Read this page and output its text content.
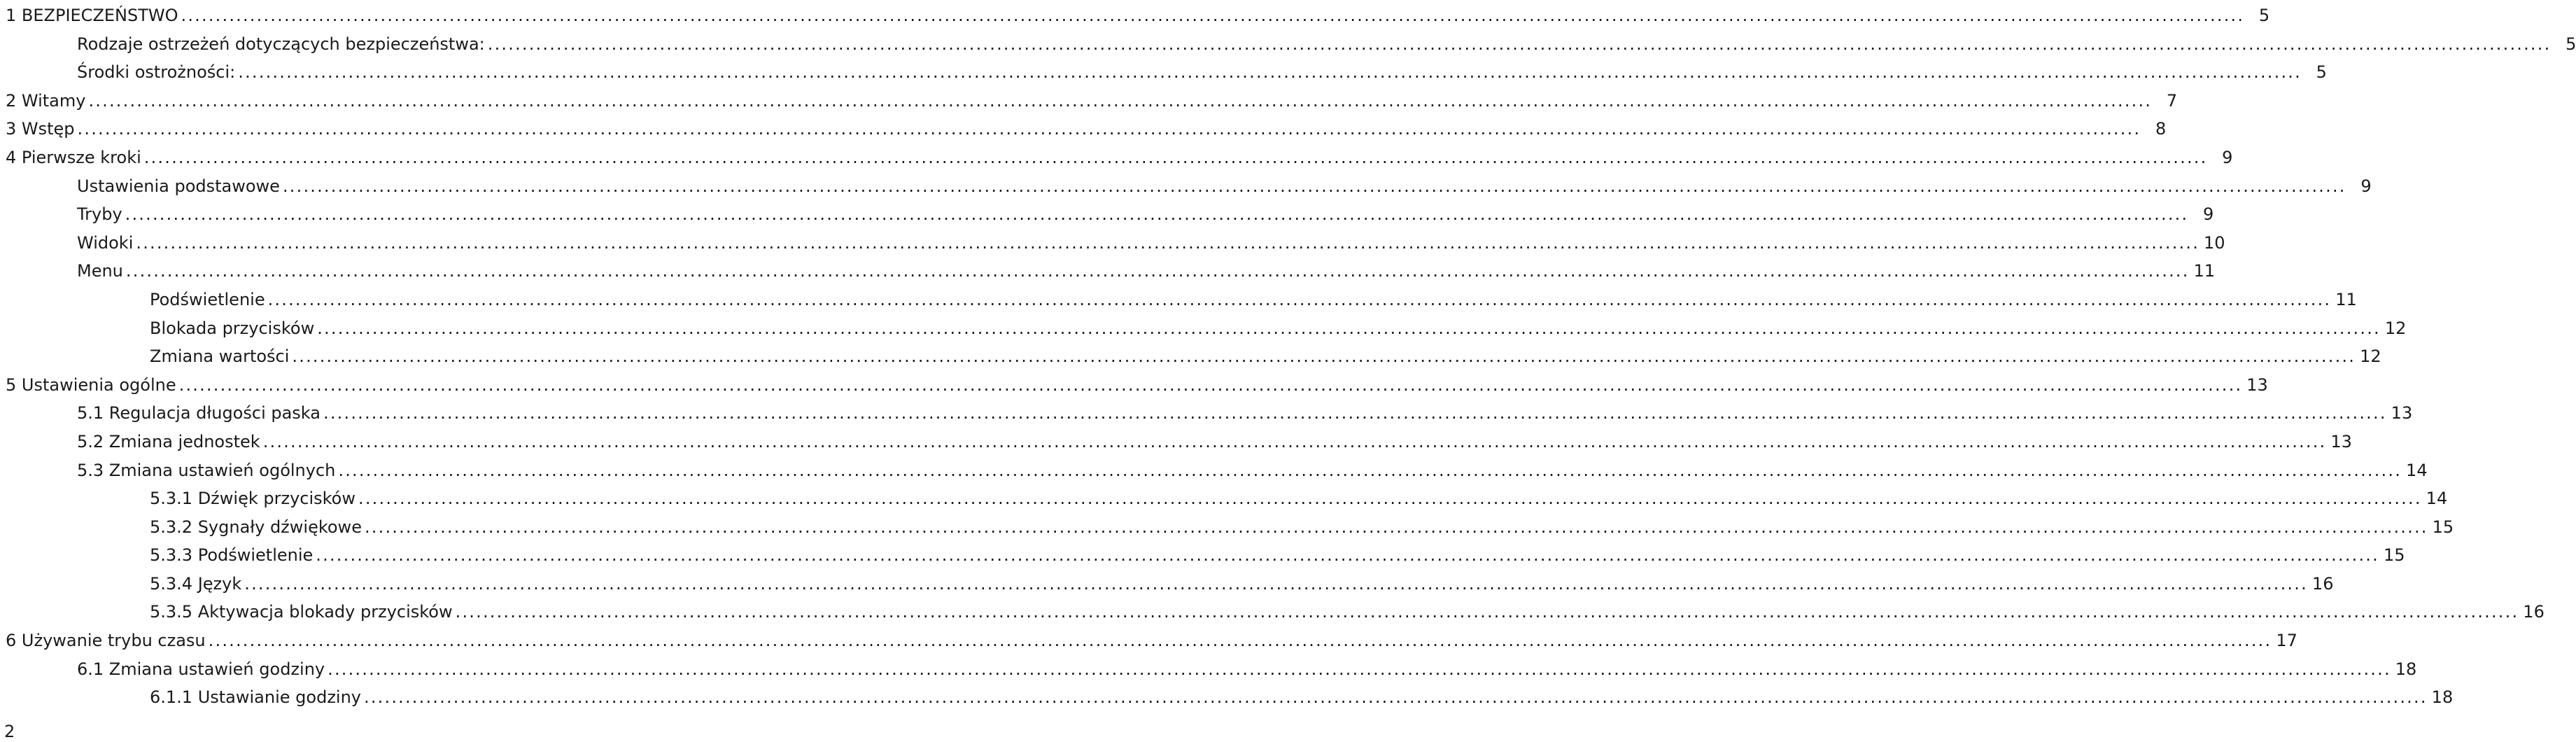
1 BEZPIECZEŃSTWO ............................................................................................................................................................................................................................................................................................................ 5
Rodzaje ostrzeżeń dotyczących bezpieczeństwa: ............................................................................................................................................................................................................................................................................................................ 5
Środki ostrożności: ............................................................................................................................................................................................................................................................................................................ 5
2 Witamy ............................................................................................................................................................................................................................................................................................................ 7
3 Wstęp ............................................................................................................................................................................................................................................................................................................ 8
4 Pierwsze kroki ............................................................................................................................................................................................................................................................................................................ 9
Ustawienia podstawowe ............................................................................................................................................................................................................................................................................................................ 9
Tryby ............................................................................................................................................................................................................................................................................................................ 9
Widoki ............................................................................................................................................................................................................................................................................................................ 10
Menu ............................................................................................................................................................................................................................................................................................................ 11
Podświetlenie ............................................................................................................................................................................................................................................................................................................ 11
Blokada przycisków ............................................................................................................................................................................................................................................................................................................ 12
Zmiana wartości ............................................................................................................................................................................................................................................................................................................ 12
5 Ustawienia ogólne ............................................................................................................................................................................................................................................................................................................ 13
5.1 Regulacja długości paska ............................................................................................................................................................................................................................................................................................................ 13
5.2 Zmiana jednostek ............................................................................................................................................................................................................................................................................................................ 13
5.3 Zmiana ustawień ogólnych ............................................................................................................................................................................................................................................................................................................ 14
5.3.1 Dźwięk przycisków ............................................................................................................................................................................................................................................................................................................ 14
5.3.2 Sygnały dźwiękowe ............................................................................................................................................................................................................................................................................................................ 15
5.3.3 Podświetlenie ............................................................................................................................................................................................................................................................................................................ 15
5.3.4 Język ............................................................................................................................................................................................................................................................................................................ 16
5.3.5 Aktywacja blokady przycisków ............................................................................................................................................................................................................................................................................................................ 16
6 Używanie trybu czasu ............................................................................................................................................................................................................................................................................................................ 17
6.1 Zmiana ustawień godziny ............................................................................................................................................................................................................................................................................................................ 18
6.1.1 Ustawianie godziny ............................................................................................................................................................................................................................................................................................................ 18
2
